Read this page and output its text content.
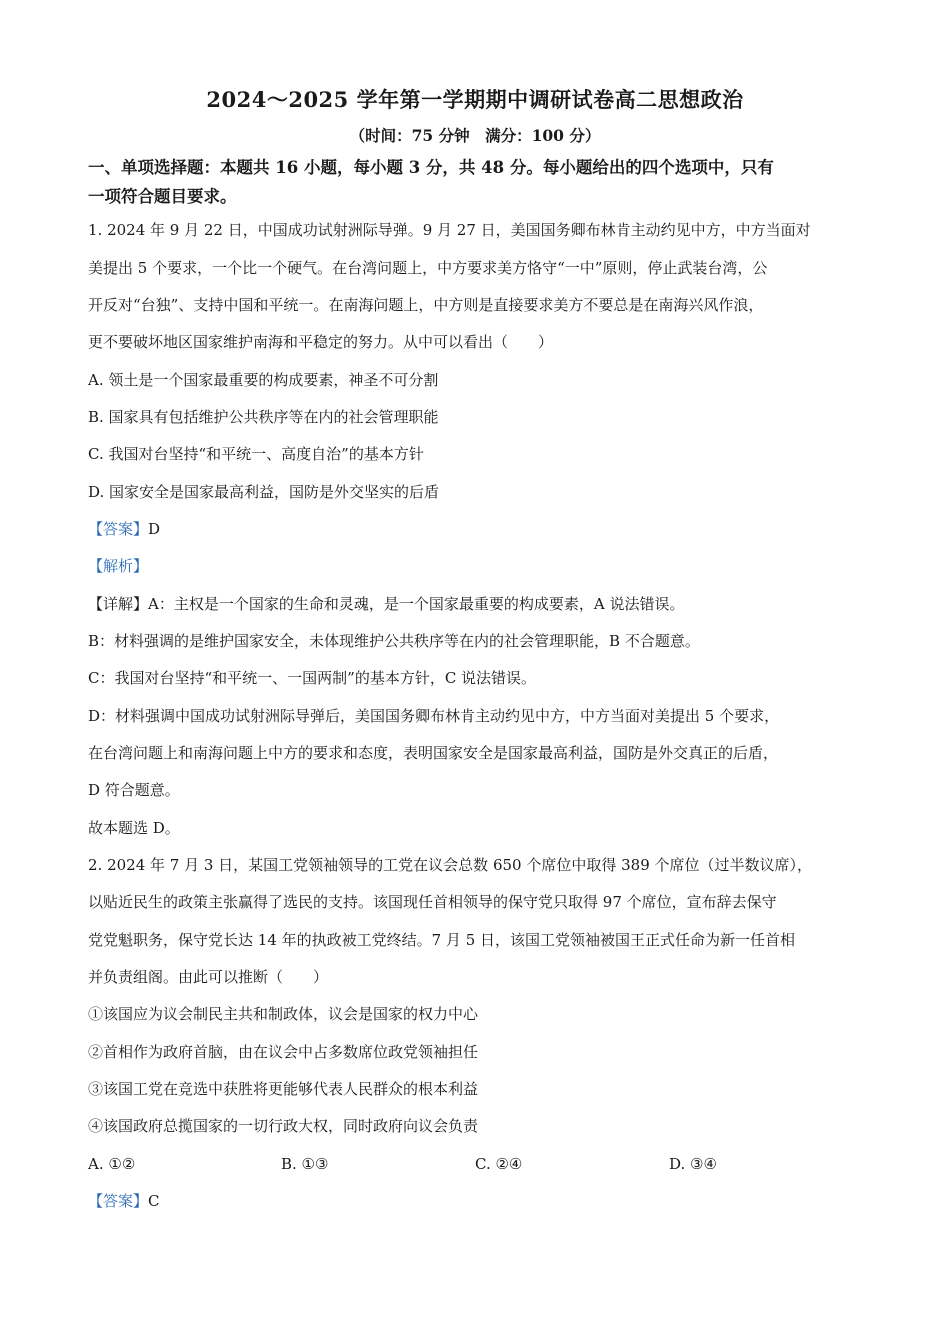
2024～2025 学年第一学期期中调研试卷高二思想政治
（时间：75 分钟　满分：100 分）
一、单项选择题：本题共 16 小题，每小题 3 分，共 48 分。每小题给出的四个选项中，只有
一项符合题目要求。
1. 2024 年 9 月 22 日，中国成功试射洲际导弹。9 月 27 日，美国国务卿布林肯主动约见中方，中方当面对
美提出 5 个要求，一个比一个硬气。在台湾问题上，中方要求美方恪守“一中”原则，停止武装台湾，公
开反对“台独”、支持中国和平统一。在南海问题上，中方则是直接要求美方不要总是在南海兴风作浪，
更不要破坏地区国家维护南海和平稳定的努力。从中可以看出（　　）
A. 领土是一个国家最重要的构成要素，神圣不可分割
B. 国家具有包括维护公共秩序等在内的社会管理职能
C. 我国对台坚持“和平统一、高度自治”的基本方针
D. 国家安全是国家最高利益，国防是外交坚实的后盾
【答案】D
【解析】
【详解】A：主权是一个国家的生命和灵魂，是一个国家最重要的构成要素，A 说法错误。
B：材料强调的是维护国家安全，未体现维护公共秩序等在内的社会管理职能，B 不合题意。
C：我国对台坚持“和平统一、一国两制”的基本方针，C 说法错误。
D：材料强调中国成功试射洲际导弹后，美国国务卿布林肯主动约见中方，中方当面对美提出 5 个要求，
在台湾问题上和南海问题上中方的要求和态度，表明国家安全是国家最高利益，国防是外交真正的后盾，
D 符合题意。
故本题选 D。
2. 2024 年 7 月 3 日，某国工党领袖领导的工党在议会总数 650 个席位中取得 389 个席位（过半数议席），
以贴近民生的政策主张赢得了选民的支持。该国现任首相领导的保守党只取得 97 个席位，宣布辞去保守
党党魁职务，保守党长达 14 年的执政被工党终结。7 月 5 日，该国工党领袖被国王正式任命为新一任首相
并负责组阁。由此可以推断（　　）
①该国应为议会制民主共和制政体，议会是国家的权力中心
②首相作为政府首脑，由在议会中占多数席位政党领袖担任
③该国工党在竞选中获胜将更能够代表人民群众的根本利益
④该国政府总揽国家的一切行政大权，同时政府向议会负责
A. ①②	B. ①③	C. ②④	D. ③④
【答案】C
